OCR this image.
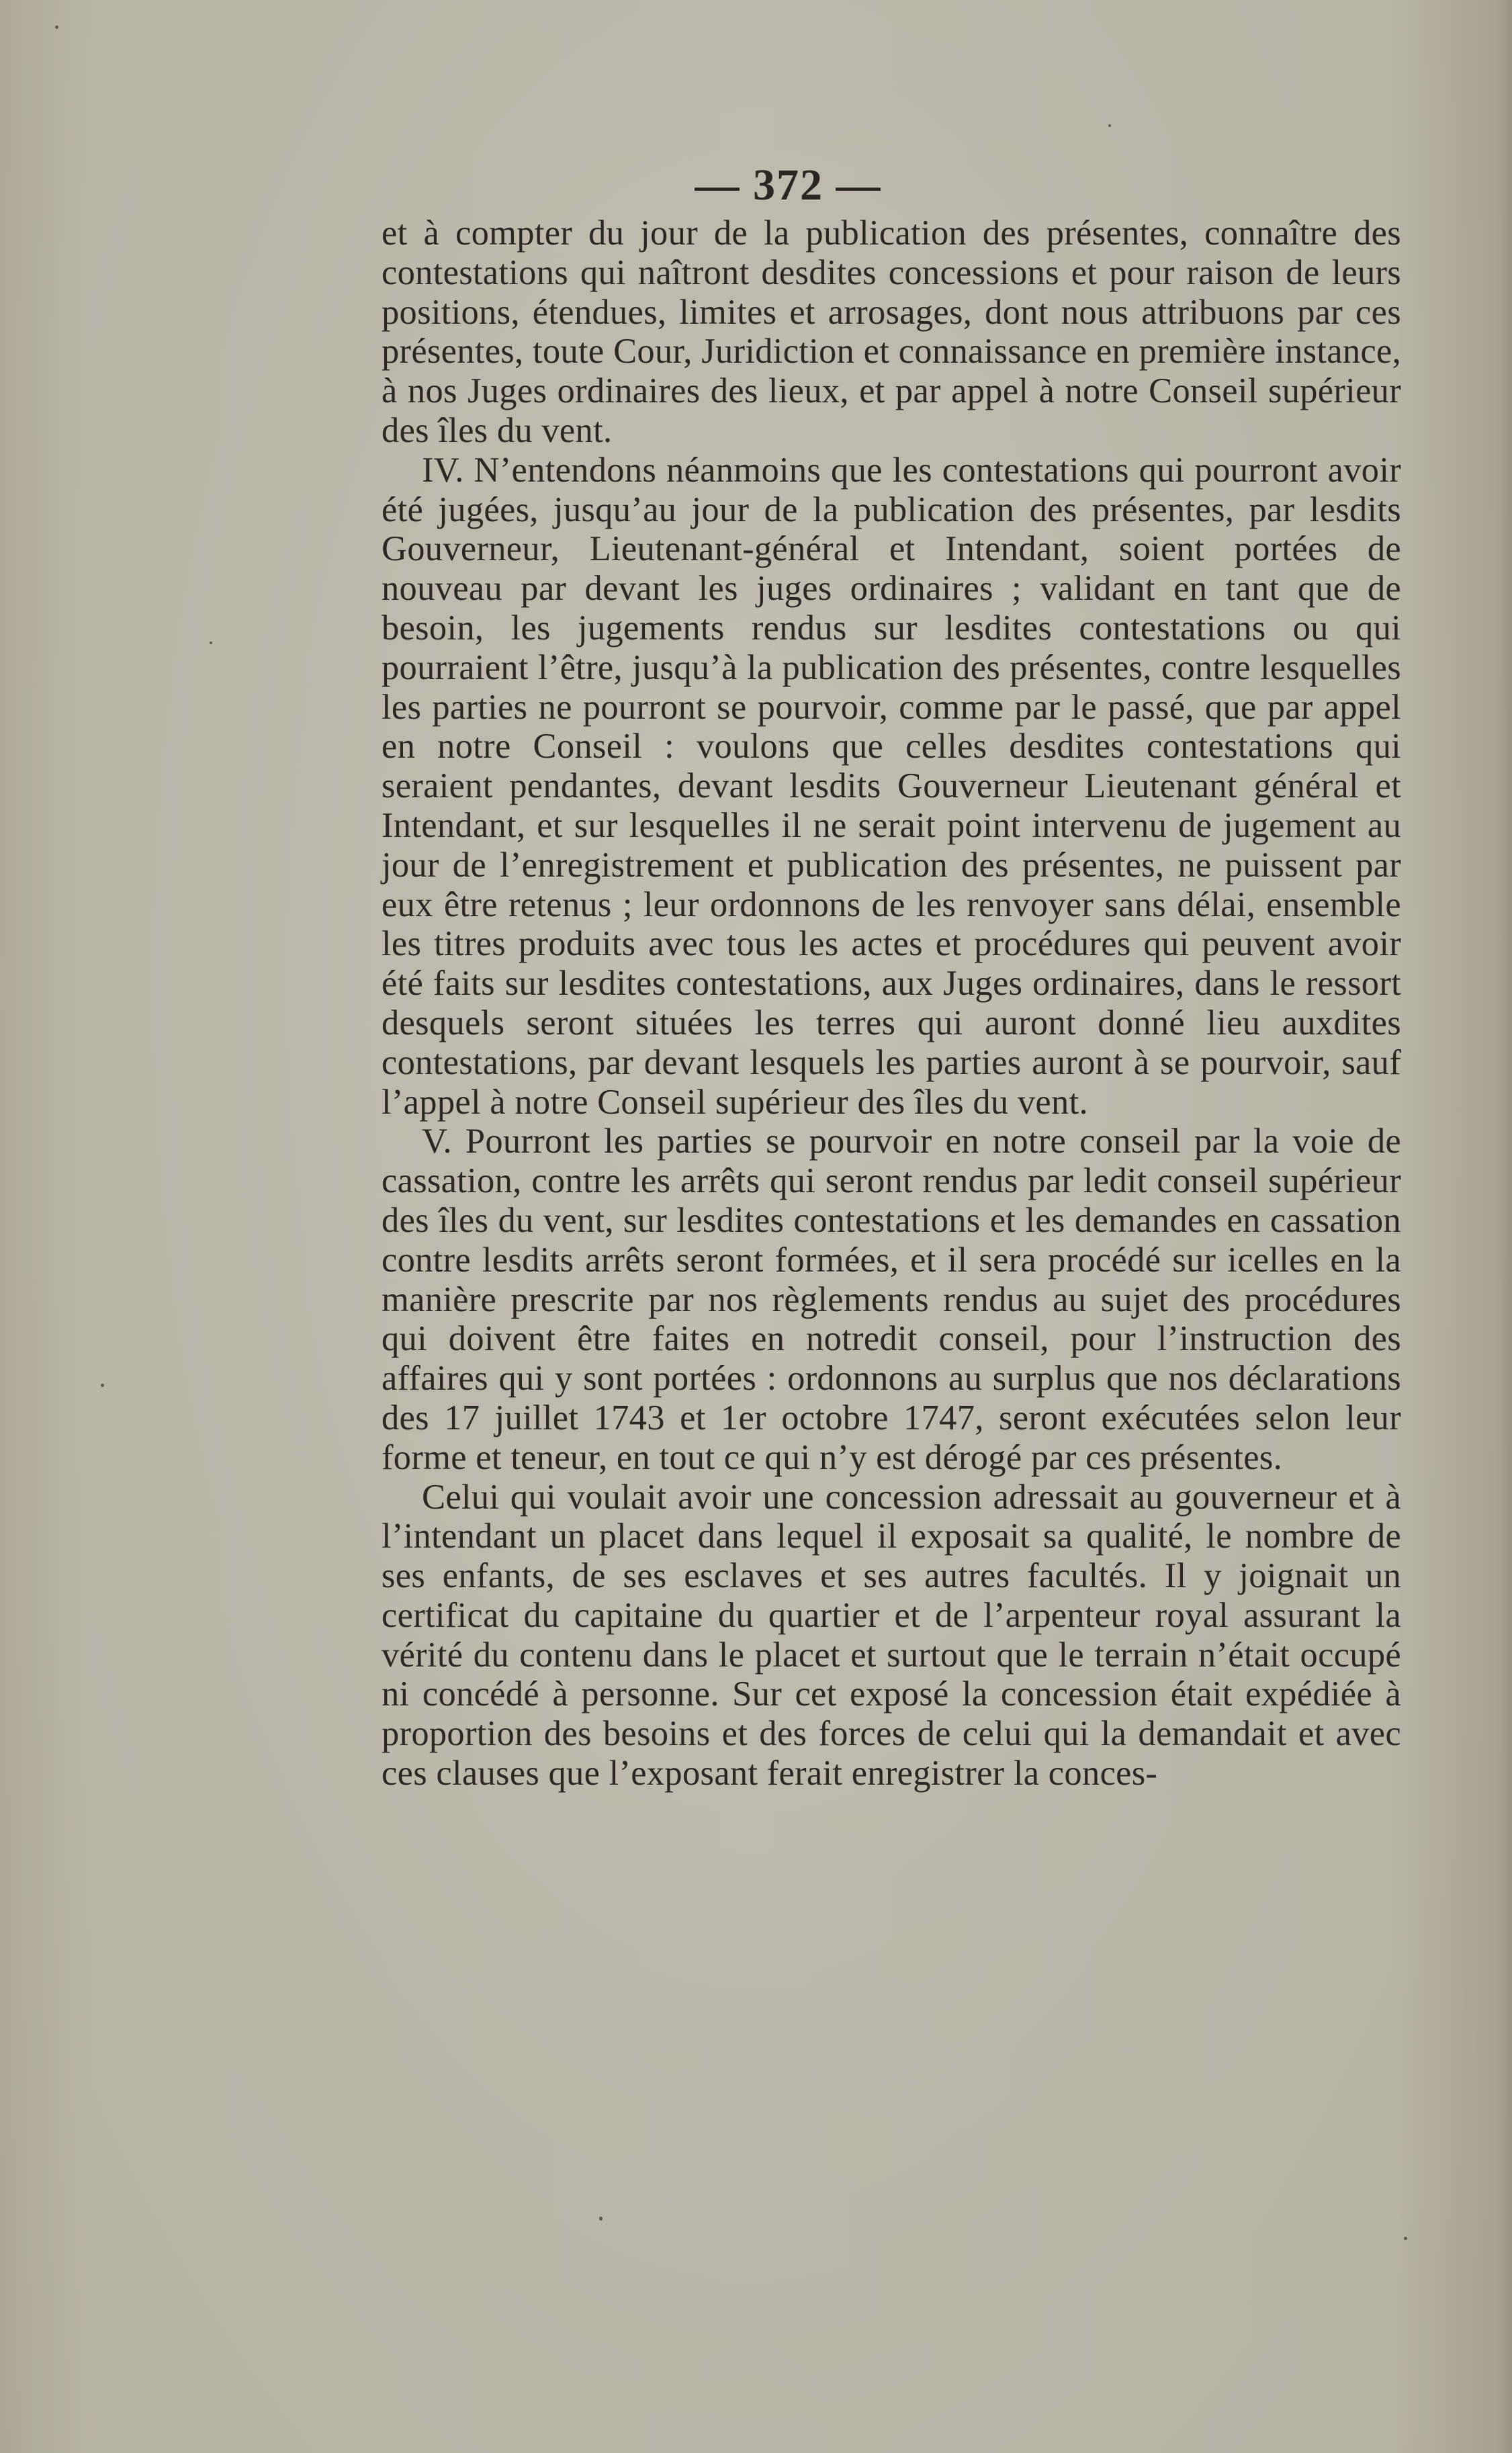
— 372 —

et à compter du jour de la publication des présentes, connaître des contestations qui naîtront desdites concessions et pour raison de leurs positions, étendues, limites et arrosages, dont nous attribuons par ces présentes, toute Cour, Juridiction et connaissance en première instance, à nos Juges ordinaires des lieux, et par appel à notre Conseil supérieur des îles du vent.

IV. N’entendons néanmoins que les contestations qui pourront avoir été jugées, jusqu’au jour de la publication des présentes, par lesdits Gouverneur, Lieutenant-général et Intendant, soient portées de nouveau par devant les juges ordinaires ; validant en tant que de besoin, les jugements rendus sur lesdites contestations ou qui pourraient l’être, jusqu’à la publication des présentes, contre lesquelles les parties ne pourront se pourvoir, comme par le passé, que par appel en notre Conseil : voulons que celles desdites contestations qui seraient pendantes, devant lesdits Gouverneur Lieutenant général et Intendant, et sur lesquelles il ne serait point intervenu de jugement au jour de l’enregistrement et publication des présentes, ne puissent par eux être retenus ; leur ordonnons de les renvoyer sans délai, ensemble les titres produits avec tous les actes et procédures qui peuvent avoir été faits sur lesdites contestations, aux Juges ordinaires, dans le ressort desquels seront situées les terres qui auront donné lieu auxdites contestations, par devant lesquels les parties auront à se pourvoir, sauf l’appel à notre Conseil supérieur des îles du vent.

V. Pourront les parties se pourvoir en notre conseil par la voie de cassation, contre les arrêts qui seront rendus par ledit conseil supérieur des îles du vent, sur lesdites contestations et les demandes en cassation contre lesdits arrêts seront formées, et il sera procédé sur icelles en la manière prescrite par nos règlements rendus au sujet des procédures qui doivent être faites en notredit conseil, pour l’instruction des affaires qui y sont portées : ordonnons au surplus que nos déclarations des 17 juillet 1743 et 1er octobre 1747, seront exécutées selon leur forme et teneur, en tout ce qui n’y est dérogé par ces présentes.

Celui qui voulait avoir une concession adressait au gouverneur et à l’intendant un placet dans lequel il exposait sa qualité, le nombre de ses enfants, de ses esclaves et ses autres facultés. Il y joignait un certificat du capitaine du quartier et de l’arpenteur royal assurant la vérité du contenu dans le placet et surtout que le terrain n’était occupé ni concédé à personne. Sur cet exposé la concession était expédiée à proportion des besoins et des forces de celui qui la demandait et avec ces clauses que l’exposant ferait enregistrer la conces-
